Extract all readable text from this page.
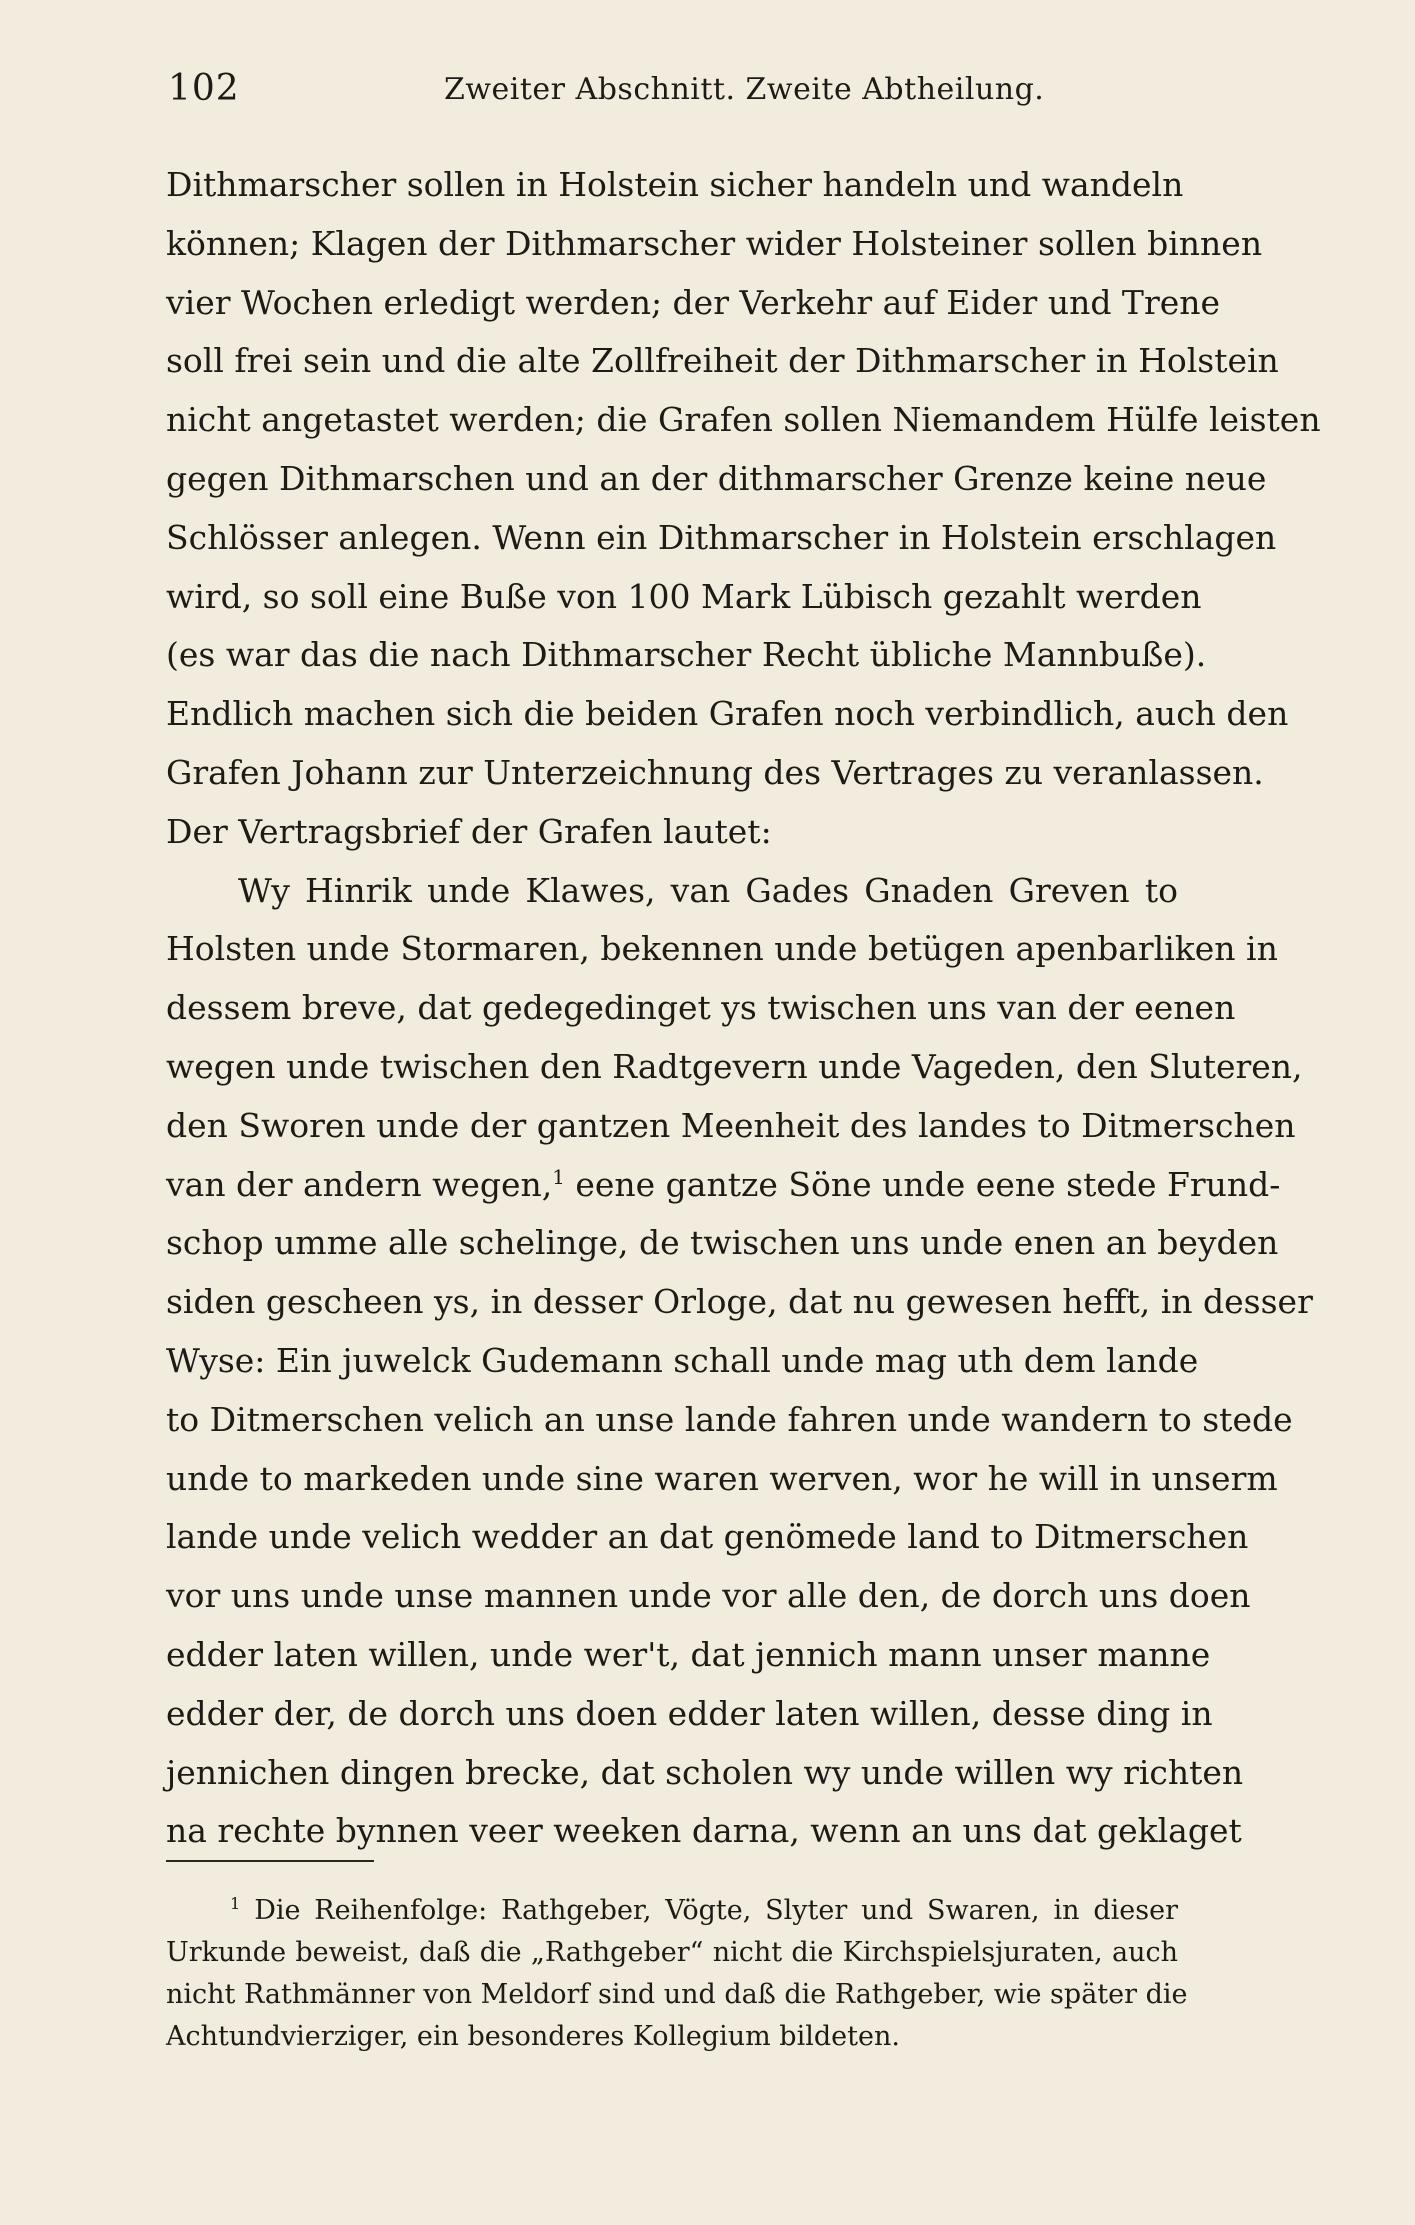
102	Zweiter Abschnitt. Zweite Abtheilung.
Dithmarscher sollen in Holstein sicher handeln und wandeln
können; Klagen der Dithmarscher wider Holsteiner sollen binnen
vier Wochen erledigt werden; der Verkehr auf Eider und Trene
soll frei sein und die alte Zollfreiheit der Dithmarscher in Holstein
nicht angetastet werden; die Grafen sollen Niemandem Hülfe leisten
gegen Dithmarschen und an der dithmarscher Grenze keine neue
Schlösser anlegen. Wenn ein Dithmarscher in Holstein erschlagen
wird, so soll eine Buße von 100 Mark Lübisch gezahlt werden
(es war das die nach Dithmarscher Recht übliche Mannbuße).
Endlich machen sich die beiden Grafen noch verbindlich, auch den
Grafen Johann zur Unterzeichnung des Vertrages zu veranlassen.
Der Vertragsbrief der Grafen lautet:
Wy Hinrik unde Klawes, van Gades Gnaden Greven to
Holsten unde Stormaren, bekennen unde betügen apenbarliken in
dessem breve, dat gedegedinget ys twischen uns van der eenen
wegen unde twischen den Radtgevern unde Vageden, den Sluteren,
den Sworen unde der gantzen Meenheit des landes to Ditmerschen
van der andern wegen,$^1$ eene gantze Söne unde eene stede Frund-
schop umme alle schelinge, de twischen uns unde enen an beyden
siden gescheen ys, in desser Orloge, dat nu gewesen hefft, in desser
Wyse: Ein juwelck Gudemann schall unde mag uth dem lande
to Ditmerschen velich an unse lande fahren unde wandern to stede
unde to markeden unde sine waren werven, wor he will in unserm
lande unde velich wedder an dat genömede land to Ditmerschen
vor uns unde unse mannen unde vor alle den, de dorch uns doen
edder laten willen, unde wer't, dat jennich mann unser manne
edder der, de dorch uns doen edder laten willen, desse ding in
jennichen dingen brecke, dat scholen wy unde willen wy richten
na rechte bynnen veer weeken darna, wenn an uns dat geklaget
$^1$ Die Reihenfolge: Rathgeber, Vögte, Slyter und Swaren, in dieser
Urkunde beweist, daß die „Rathgeber“ nicht die Kirchspielsjuraten, auch
nicht Rathmänner von Meldorf sind und daß die Rathgeber, wie später die
Achtundvierziger, ein besonderes Kollegium bildeten.
